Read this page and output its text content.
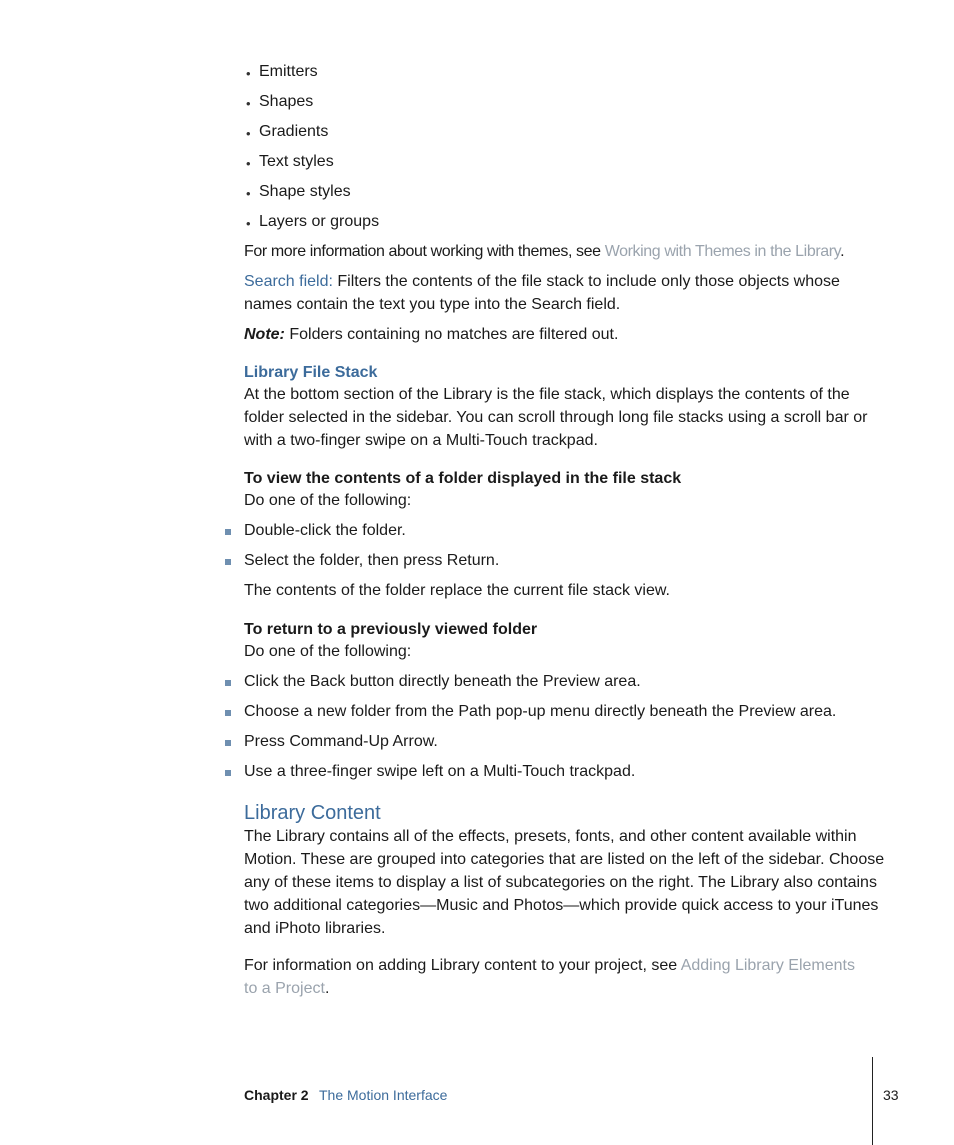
• Emitters
• Shapes
• Gradients
• Text styles
• Shape styles
• Layers or groups
For more information about working with themes, see Working with Themes in the Library.
Search field: Filters the contents of the file stack to include only those objects whose
names contain the text you type into the Search field.
Note: Folders containing no matches are filtered out.
Library File Stack
At the bottom section of the Library is the file stack, which displays the contents of the
folder selected in the sidebar. You can scroll through long file stacks using a scroll bar or
with a two-finger swipe on a Multi-Touch trackpad.
To view the contents of a folder displayed in the file stack
Do one of the following:
Double-click the folder.
Select the folder, then press Return.
The contents of the folder replace the current file stack view.
To return to a previously viewed folder
Do one of the following:
Click the Back button directly beneath the Preview area.
Choose a new folder from the Path pop-up menu directly beneath the Preview area.
Press Command-Up Arrow.
Use a three-finger swipe left on a Multi-Touch trackpad.
Library Content
The Library contains all of the effects, presets, fonts, and other content available within
Motion. These are grouped into categories that are listed on the left of the sidebar. Choose
any of these items to display a list of subcategories on the right. The Library also contains
two additional categories—Music and Photos—which provide quick access to your iTunes
and iPhoto libraries.
For information on adding Library content to your project, see Adding Library Elements
to a Project.
Chapter 2 The Motion Interface	33
